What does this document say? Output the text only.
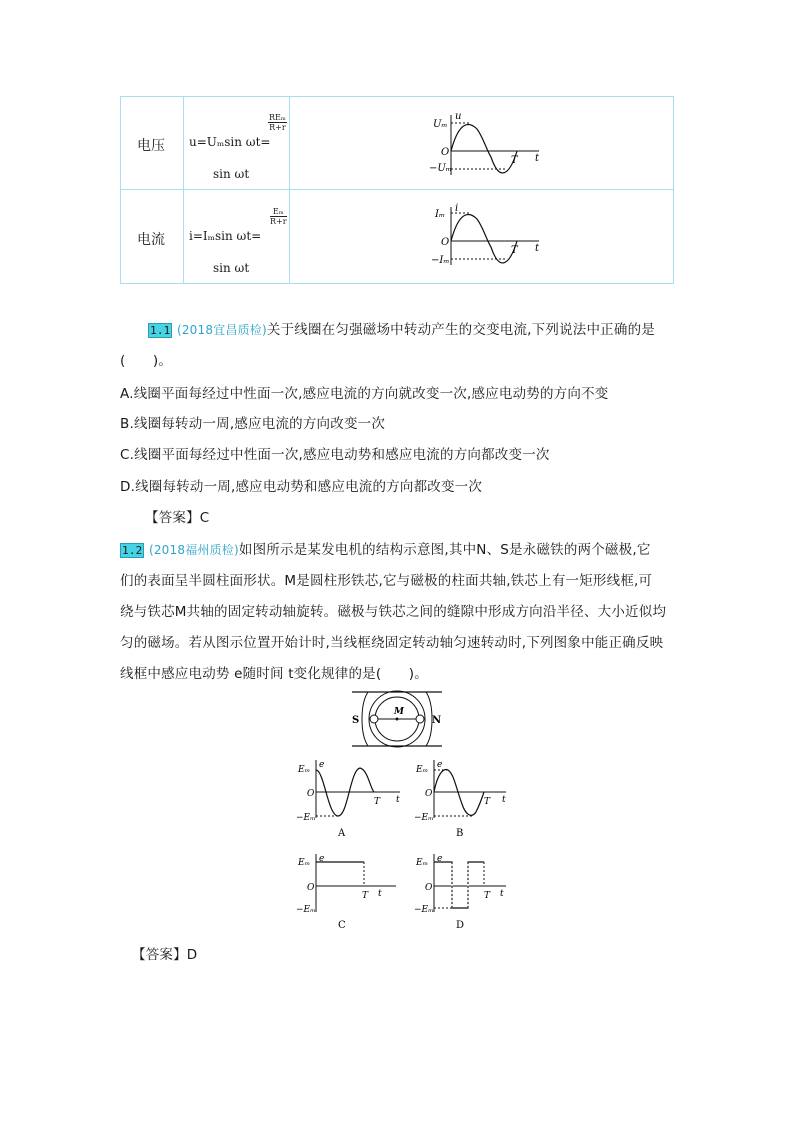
电压 u=Uₘsin ωt=
REₘ
R+r
sin ωt
电流 i=Iₘsin ωt=
$\frac{\text{Eₘ}}{R+r}$
sin ωt
Uₘ
−Uₘ
u
O
T t
Iₘ
−Iₘ
i
O
T t
1.1 (2018宜昌质检)关于线圈在匀强磁场中转动产生的交变电流,下列说法中正确的是
(　　)。
A.线圈平面每经过中性面一次,感应电流的方向就改变一次,感应电动势的方向不变
B.线圈每转动一周,感应电流的方向改变一次
C.线圈平面每经过中性面一次,感应电动势和感应电流的方向都改变一次
D.线圈每转动一周,感应电动势和感应电流的方向都改变一次
【答案】C
1.2 (2018福州质检)如图所示是某发电机的结构示意图,其中N、S是永磁铁的两个磁极,它
们的表面呈半圆柱面形状。M是圆柱形铁芯,它与磁极的柱面共轴,铁芯上有一矩形线框,可
绕与铁芯M共轴的固定转动轴旋转。磁极与铁芯之间的缝隙中形成方向沿半径、大小近似均
匀的磁场。若从图示位置开始计时,当线框绕固定转动轴匀速转动时,下列图象中能正确反映
线框中感应电动势 e随时间 t变化规律的是(　　)。
S	N
M
Eₘ
−Eₘ
e
O
T t
A
Eₘ
−Eₘ
e
O
T t
B
Eₘ
−Eₘ
e
O
T t
C
Eₘ
−Eₘ
e
O
T t
D
【答案】D
